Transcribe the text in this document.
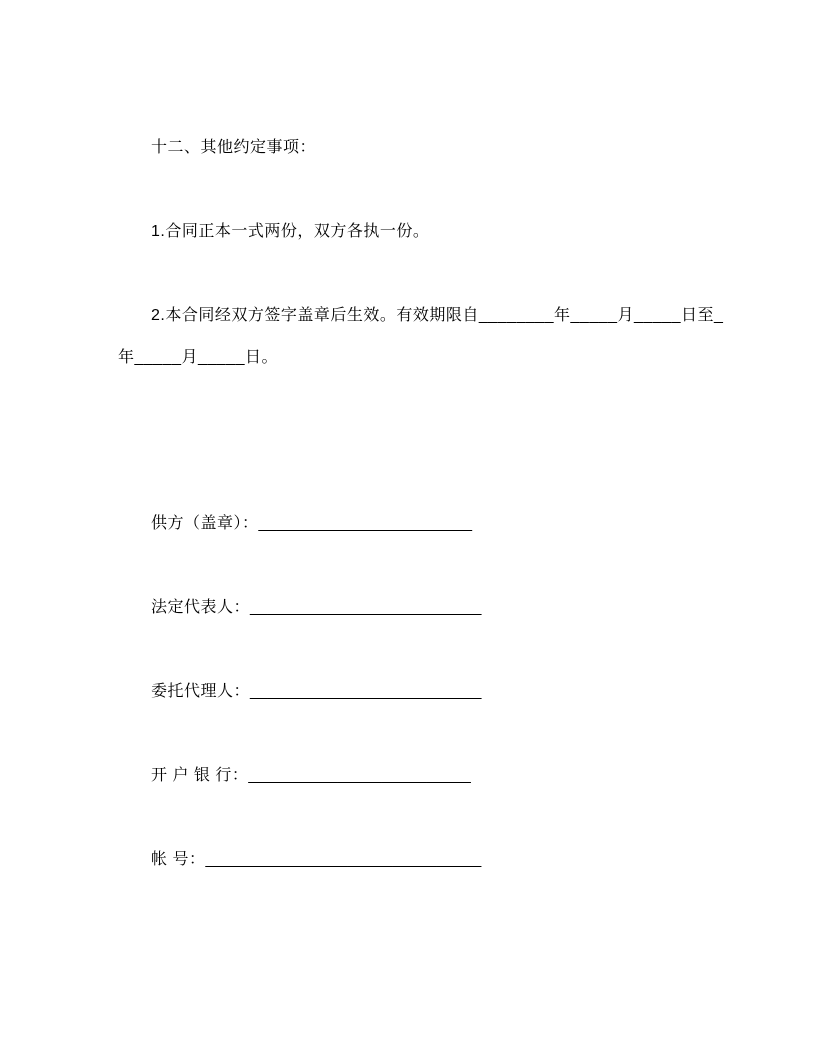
十二、其他约定事项：
1.合同正本一式两份，双方各执一份。
2.本合同经双方签字盖章后生效。有效期限自________年_____月_____日至_
年_____月_____日。
供方（盖章）：________________________
法定代表人：__________________________
委托代理人：__________________________
开 户 银 行：_________________________
帐 号：_______________________________
